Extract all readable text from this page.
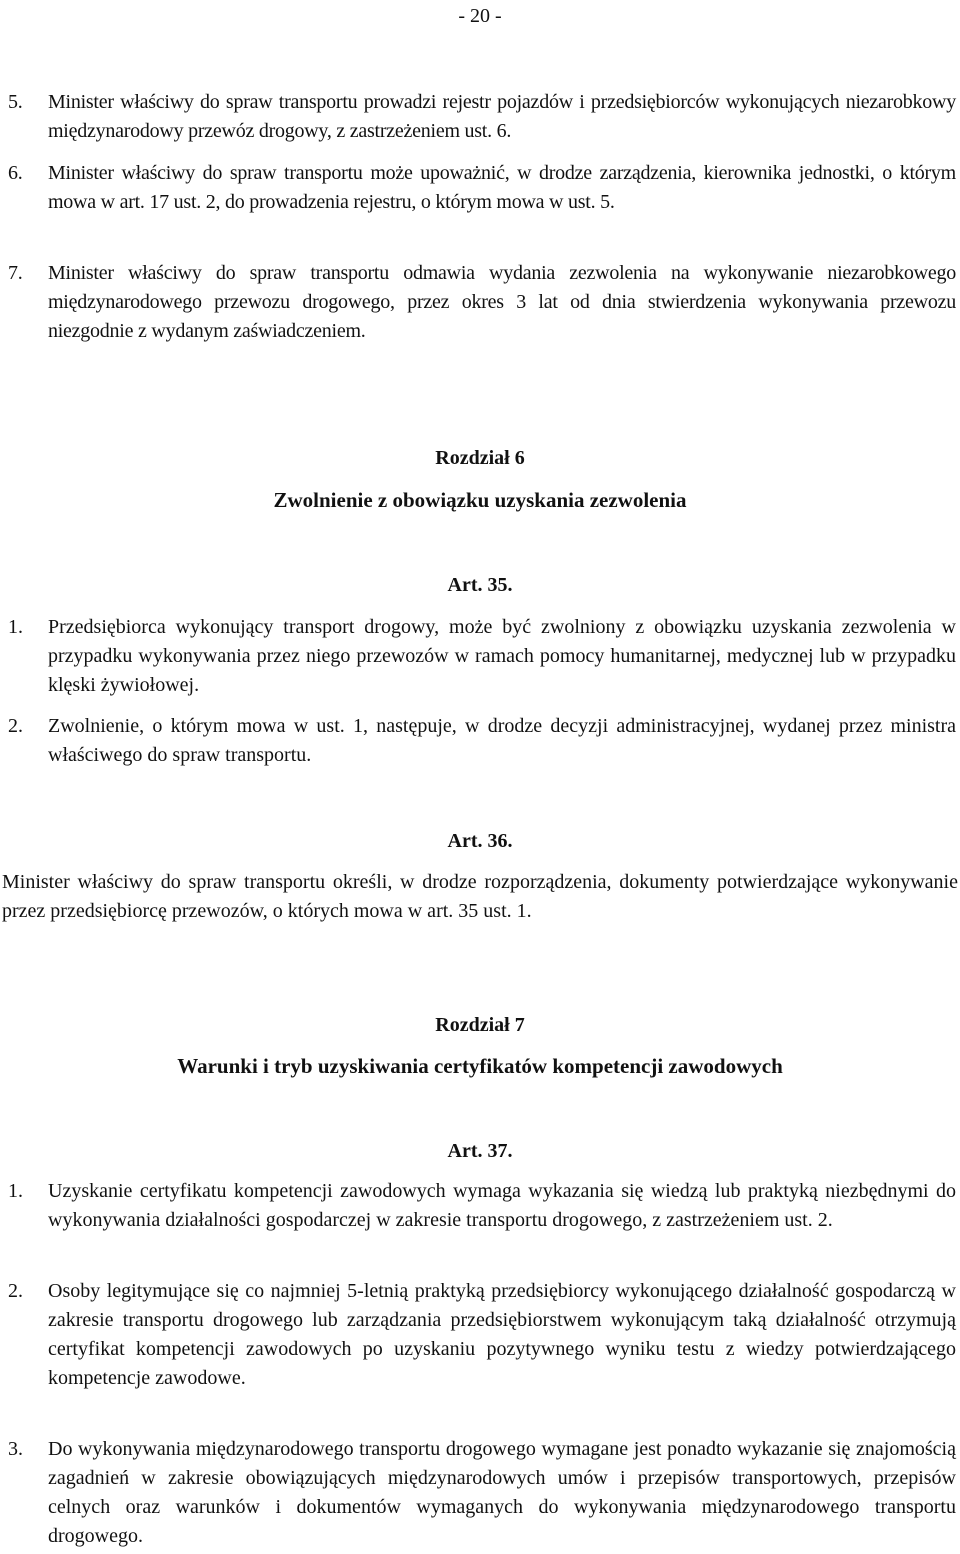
- 20 -

5. Minister właściwy do spraw transportu prowadzi rejestr pojazdów i przedsiębiorców wykonujących niezarobkowy międzynarodowy przewóz drogowy, z zastrzeżeniem ust. 6.

6. Minister właściwy do spraw transportu może upoważnić, w drodze zarządzenia, kierownika jednostki, o którym mowa w art. 17 ust. 2, do prowadzenia rejestru, o którym mowa w ust. 5.

7. Minister właściwy do spraw transportu odmawia wydania zezwolenia na wykonywanie niezarobkowego międzynarodowego przewozu drogowego, przez okres 3 lat od dnia stwierdzenia wykonywania przewozu niezgodnie z wydanym zaświadczeniem.

Rozdział 6
Zwolnienie z obowiązku uzyskania zezwolenia
Art. 35.

1. Przedsiębiorca wykonujący transport drogowy, może być zwolniony z obowiązku uzyskania zezwolenia w przypadku wykonywania przez niego przewozów w ramach pomocy humanitarnej, medycznej lub w przypadku klęski żywiołowej.

2. Zwolnienie, o którym mowa w ust. 1, następuje, w drodze decyzji administracyjnej, wydanej przez ministra właściwego do spraw transportu.

Art. 36.

Minister właściwy do spraw transportu określi, w drodze rozporządzenia, dokumenty potwierdzające wykonywanie przez przedsiębiorcę przewozów, o których mowa w art. 35 ust. 1.

Rozdział 7
Warunki i tryb uzyskiwania certyfikatów kompetencji zawodowych
Art. 37.

1. Uzyskanie certyfikatu kompetencji zawodowych wymaga wykazania się wiedzą lub praktyką niezbędnymi do wykonywania działalności gospodarczej w zakresie transportu drogowego, z zastrzeżeniem ust. 2.

2. Osoby legitymujące się co najmniej 5-letnią praktyką przedsiębiorcy wykonującego działalność gospodarczą w zakresie transportu drogowego lub zarządzania przedsiębiorstwem wykonującym taką działalność otrzymują certyfikat kompetencji zawodowych po uzyskaniu pozytywnego wyniku testu z wiedzy potwierdzającego kompetencje zawodowe.

3. Do wykonywania międzynarodowego transportu drogowego wymagane jest ponadto wykazanie się znajomością zagadnień w zakresie obowiązujących międzynarodowych umów i przepisów transportowych, przepisów celnych oraz warunków i dokumentów wymaganych do wykonywania międzynarodowego transportu drogowego.
